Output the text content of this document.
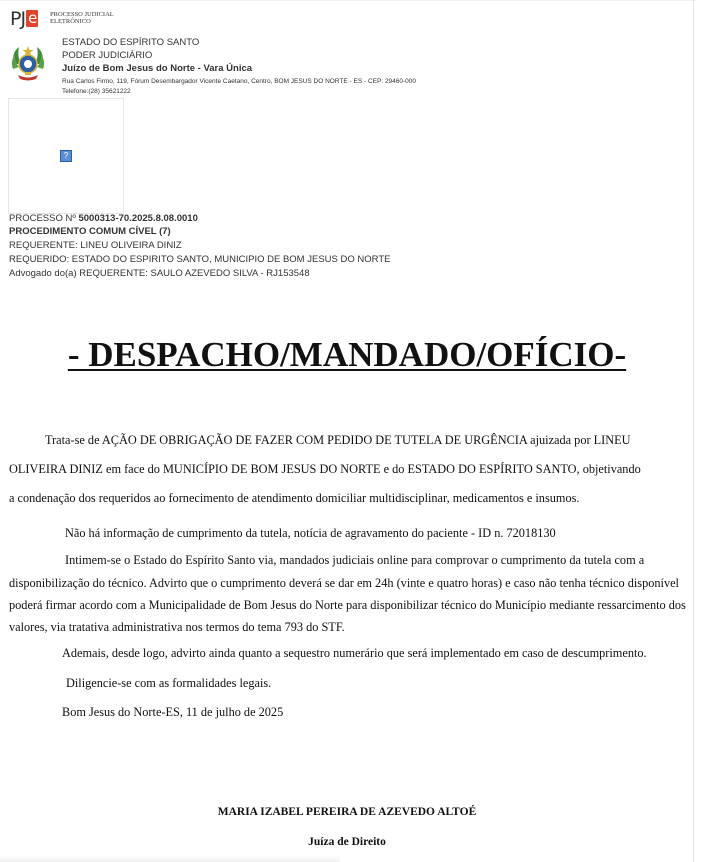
PJ e	PROCESSO JUDICIAL
ELETRÔNICO
ESTADO DO ESPÍRITO SANTO
PODER JUDICIÁRIO
Juízo de Bom Jesus do Norte - Vara Única
Rua Carlos Firmo, 119, Fórum Desembargador Vicente Caetano, Centro, BOM JESUS DO NORTE - ES - CEP: 29460-000
Telefone:(28) 35621222
?
PROCESSO Nº 5000313-70.2025.8.08.0010
PROCEDIMENTO COMUM CÍVEL (7)
REQUERENTE: LINEU OLIVEIRA DINIZ
REQUERIDO: ESTADO DO ESPIRITO SANTO, MUNICIPIO DE BOM JESUS DO NORTE
Advogado do(a) REQUERENTE: SAULO AZEVEDO SILVA - RJ153548
- DESPACHO/MANDADO/OFÍCIO-
Trata-se de AÇÃO DE OBRIGAÇÃO DE FAZER COM PEDIDO DE TUTELA DE URGÊNCIA ajuizada por LINEU
OLIVEIRA DINIZ em face do MUNICÍPIO DE BOM JESUS DO NORTE e do ESTADO DO ESPÍRITO SANTO, objetivando
a condenação dos requeridos ao fornecimento de atendimento domiciliar multidisciplinar, medicamentos e insumos.
Não há informação de cumprimento da tutela, notícia de agravamento do paciente - ID n. 72018130
Intimem-se o Estado do Espírito Santo via, mandados judiciais online para comprovar o cumprimento da tutela com a
disponibilização do técnico. Advirto que o cumprimento deverá se dar em 24h (vinte e quatro horas) e caso não tenha técnico disponível
poderá firmar acordo com a Municipalidade de Bom Jesus do Norte para disponibilizar técnico do Município mediante ressarcimento dos
valores, via tratativa administrativa nos termos do tema 793 do STF.
Ademais, desde logo, advirto ainda quanto a sequestro numerário que será implementado em caso de descumprimento.
Diligencie-se com as formalidades legais.
Bom Jesus do Norte-ES, 11 de julho de 2025
MARIA IZABEL PEREIRA DE AZEVEDO ALTOÉ
Juíza de Direito
